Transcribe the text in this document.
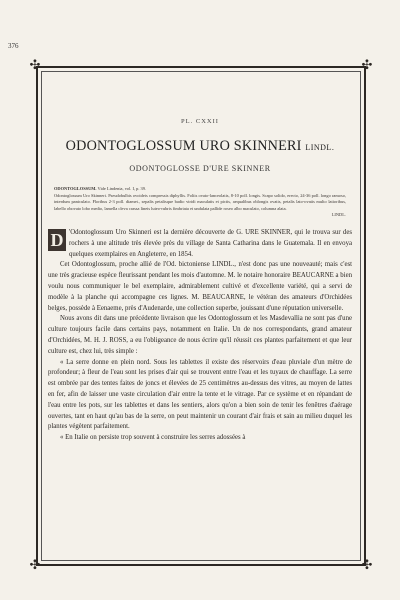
376
✣	✣
✣	✣
PL. CXXII
ODONTOGLOSSUM URO SKINNERI LINDL.
ODONTOGLOSSE D'URE SKINNER
ODONTOGLOSSUM. Vide Lindenia, vol. I, p. 39.
Odontoglossum Uro Skinneri. Pseudobulbis ovoideis compressis diphyllis. Foliis ovato-lanceolatis, 8-10 poll. longis. Scapo solido, erecto, 24-36 poll. longo ramoso, interdum paniculato. Floribus 2-3 poll. diamet., sepalis petalisque badio viridi maculatis et pictis, aequalibus oblongis ovatis, petalis lato-ovatis multo latioribus, labello obovato lobo medio, lamella cleva crassa lineis luteo-rubris fimbriata et undulata pallide roseo albo maculato, columna alata.
LINDL.
D 'Odontoglossum Uro Skinneri est la dernière découverte de G. URE SKINNER, qui le trouva sur des rochers à une altitude très élevée près du village de Santa Catharina dans le Guatemala. Il en envoya quelques exemplaires en Angleterre, en 1854.

Cet Odontoglossum, proche allié de l'Od. bictoniense LINDL., n'est donc pas une nouveauté; mais c'est une très gracieuse espèce fleurissant pendant les mois d'automne. M. le notaire honoraire BEAUCARNE a bien voulu nous communiquer le bel exemplaire, admirablement cultivé et d'excellente variété, qui a servi de modèle à la planche qui accompagne ces lignes. M. BEAUCARNE, le vétéran des amateurs d'Orchidées belges, possède à Eenaeme, près d'Audenarde, une collection superbe, jouissant d'une réputation universelle.

Nous avons dit dans une précédente livraison que les Odontoglossum et les Masdevallia ne sont pas d'une culture toujours facile dans certains pays, notamment en Italie. Un de nos correspondants, grand amateur d'Orchidées, M. H. J. ROSS, a eu l'obligeance de nous écrire qu'il réussit ces plantes parfaitement et que leur culture est, chez lui, très simple :

« La serre donne en plein nord. Sous les tablettes il existe des réservoirs d'eau pluviale d'un mètre de profondeur; à fleur de l'eau sont les prises d'air qui se trouvent entre l'eau et les tuyaux de chauffage. La serre est ombrée par des tentes faites de joncs et élevées de 25 centimètres au-dessus des vitres, au moyen de lattes en fer, afin de laisser une vaste circulation d'air entre la tente et le vitrage. Par ce système et en répandant de l'eau entre les pots, sur les tablettes et dans les sentiers, alors qu'on a bien soin de tenir les fenêtres d'aérage ouvertes, tant en haut qu'au bas de la serre, on peut maintenir un courant d'air frais et sain au milieu duquel les plantes végètent parfaitement.

« En Italie on persiste trop souvent à construire les serres adossées à
